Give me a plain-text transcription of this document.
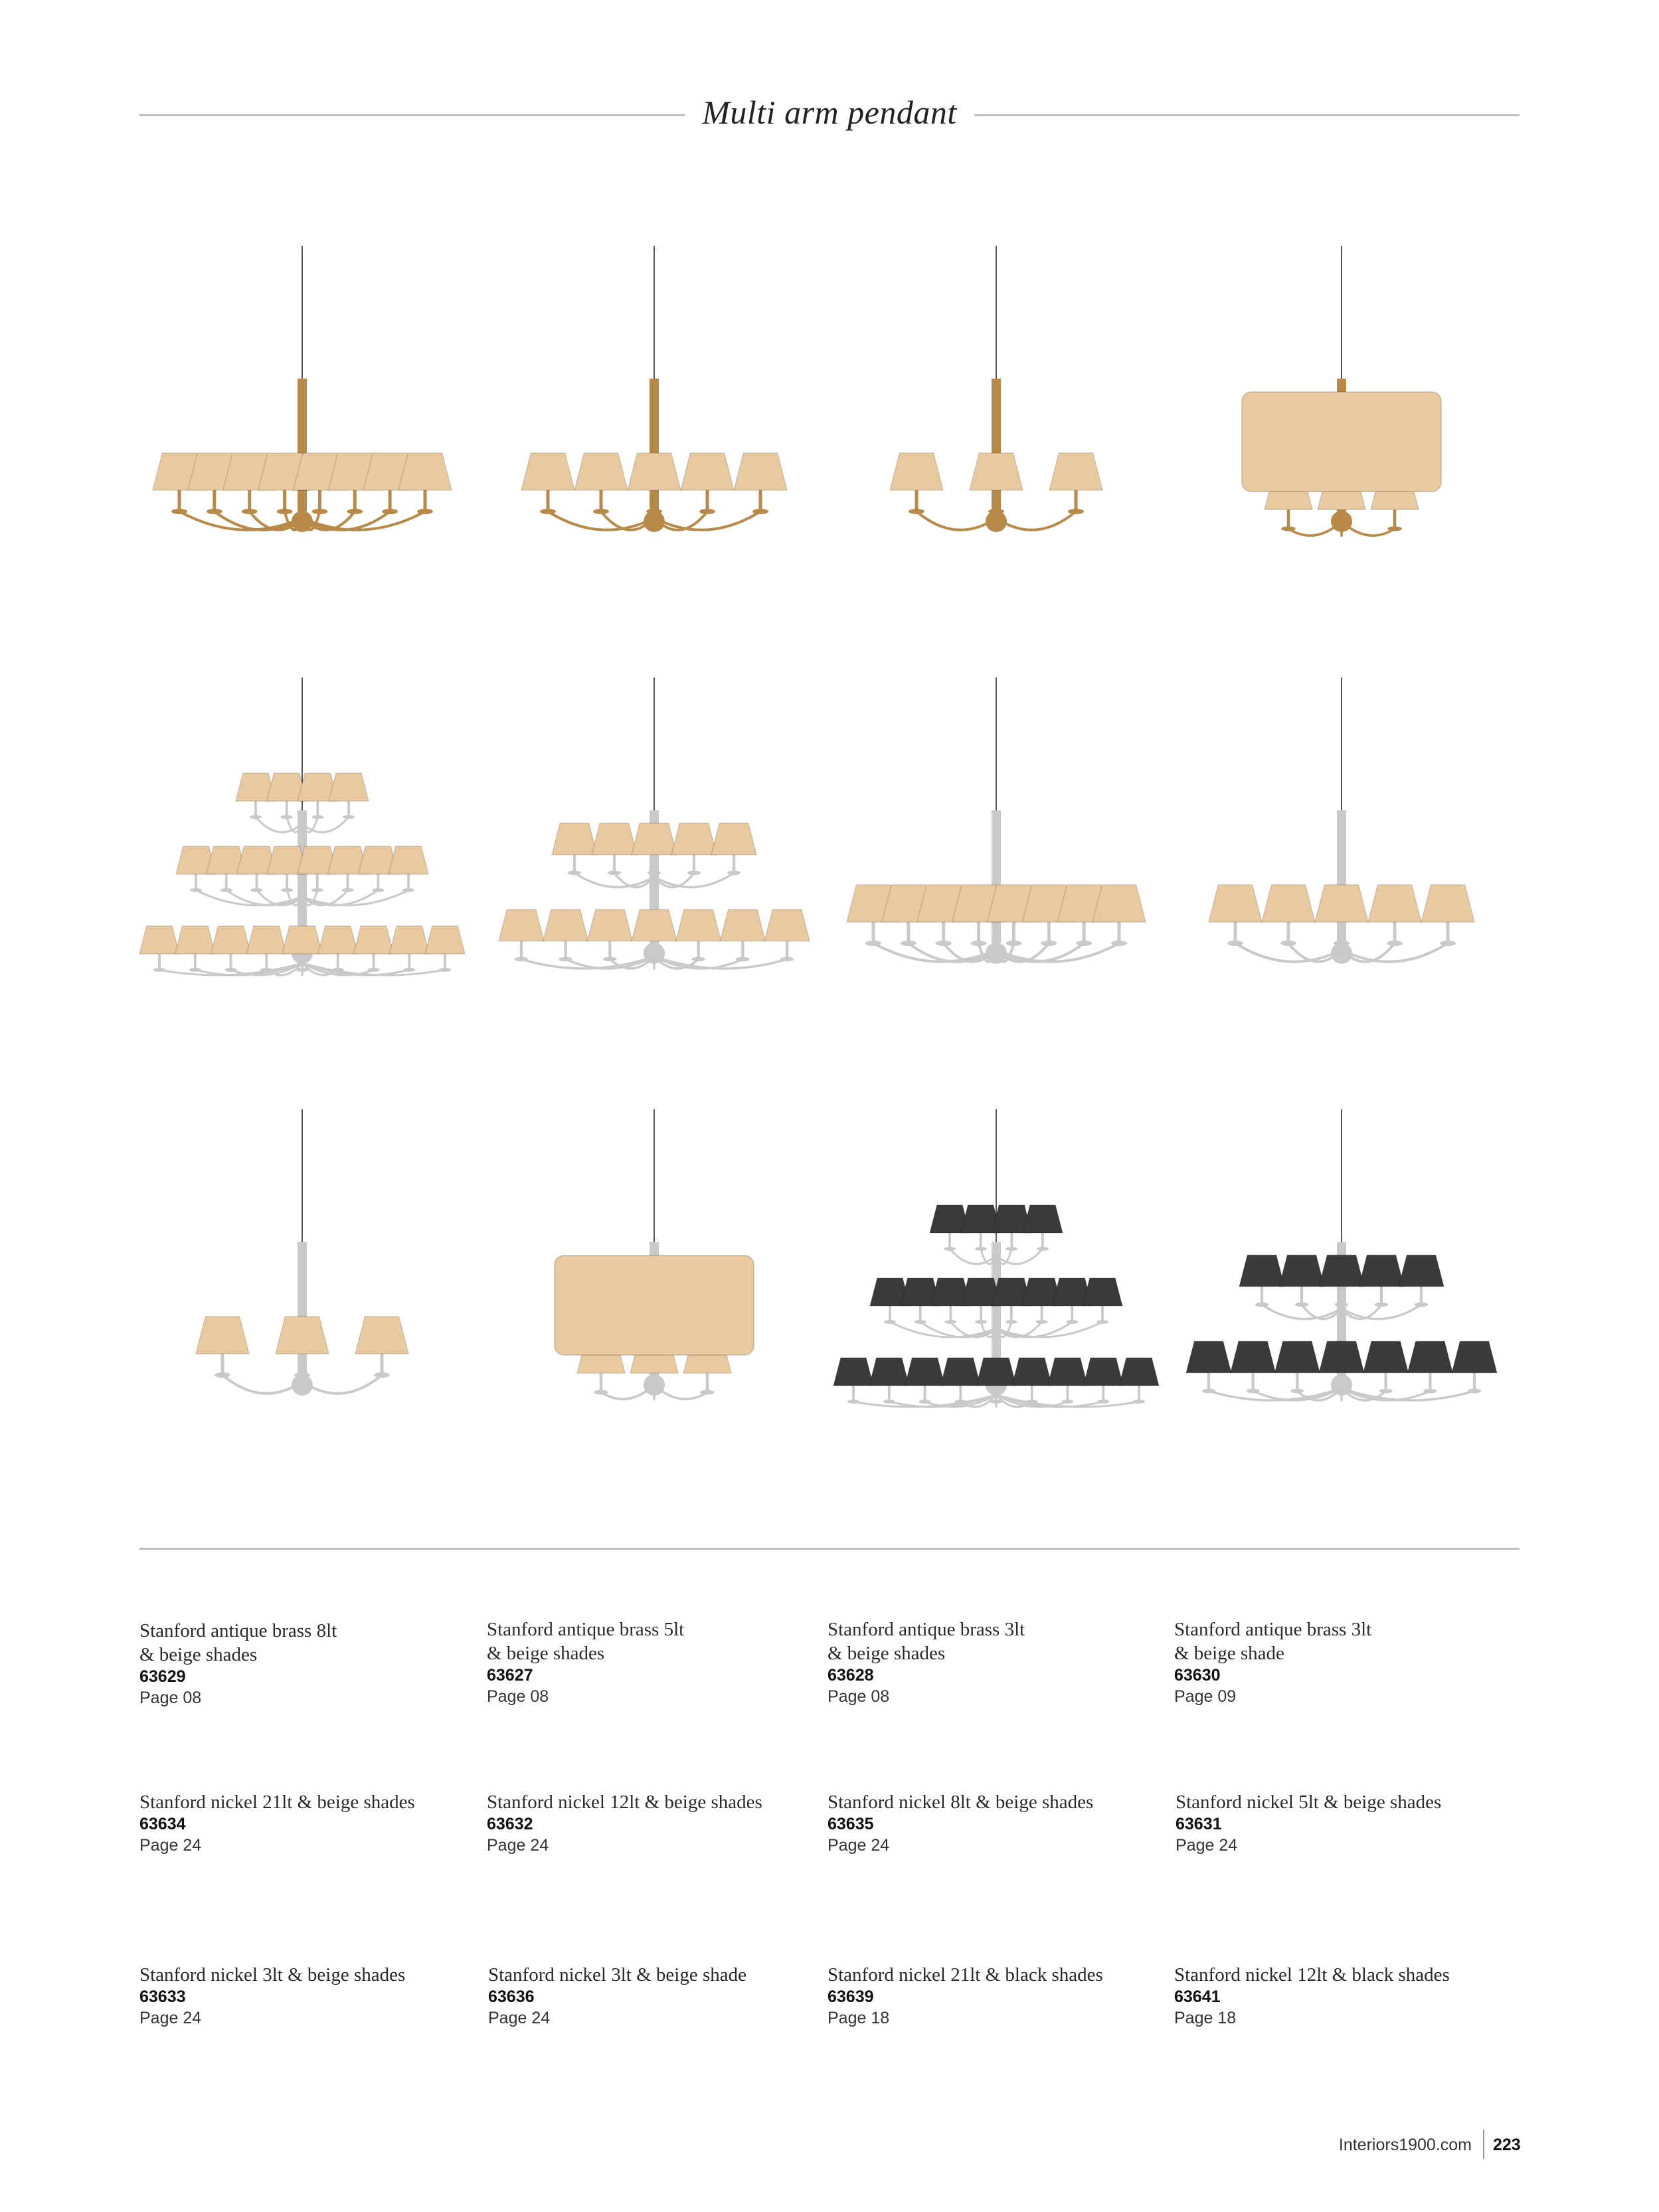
Multi arm pendant
Stanford antique brass 8lt
& beige shades
63629
Page 08
Stanford antique brass 5lt
& beige shades
63627
Page 08
Stanford antique brass 3lt
& beige shades
63628
Page 08
Stanford antique brass 3lt
& beige shade
63630
Page 09
Stanford nickel 21lt & beige shades
63634
Page 24
Stanford nickel 12lt & beige shades
63632
Page 24
Stanford nickel 8lt & beige shades
63635
Page 24
Stanford nickel 5lt & beige shades
63631
Page 24
Stanford nickel 3lt & beige shades
63633
Page 24
Stanford nickel 3lt & beige shade
63636
Page 24
Stanford nickel 21lt & black shades
63639
Page 18
Stanford nickel 12lt & black shades
63641
Page 18
Interiors1900.com 223
